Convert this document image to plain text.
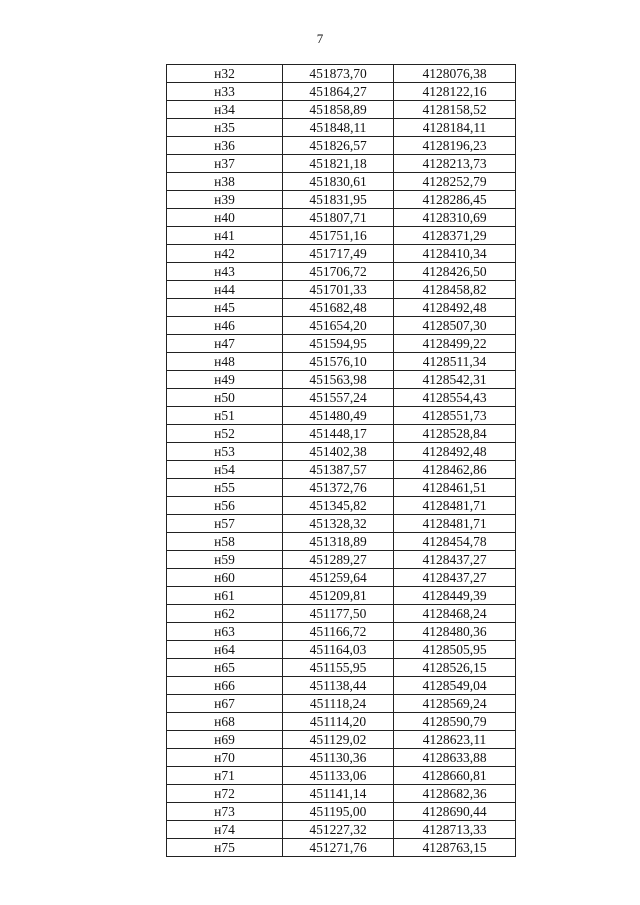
7
н32	451873,70	4128076,38
н33	451864,27	4128122,16
н34	451858,89	4128158,52
н35	451848,11	4128184,11
н36	451826,57	4128196,23
н37	451821,18	4128213,73
н38	451830,61	4128252,79
н39	451831,95	4128286,45
н40	451807,71	4128310,69
н41	451751,16	4128371,29
н42	451717,49	4128410,34
н43	451706,72	4128426,50
н44	451701,33	4128458,82
н45	451682,48	4128492,48
н46	451654,20	4128507,30
н47	451594,95	4128499,22
н48	451576,10	4128511,34
н49	451563,98	4128542,31
н50	451557,24	4128554,43
н51	451480,49	4128551,73
н52	451448,17	4128528,84
н53	451402,38	4128492,48
н54	451387,57	4128462,86
н55	451372,76	4128461,51
н56	451345,82	4128481,71
н57	451328,32	4128481,71
н58	451318,89	4128454,78
н59	451289,27	4128437,27
н60	451259,64	4128437,27
н61	451209,81	4128449,39
н62	451177,50	4128468,24
н63	451166,72	4128480,36
н64	451164,03	4128505,95
н65	451155,95	4128526,15
н66	451138,44	4128549,04
н67	451118,24	4128569,24
н68	451114,20	4128590,79
н69	451129,02	4128623,11
н70	451130,36	4128633,88
н71	451133,06	4128660,81
н72	451141,14	4128682,36
н73	451195,00	4128690,44
н74	451227,32	4128713,33
н75	451271,76	4128763,15
